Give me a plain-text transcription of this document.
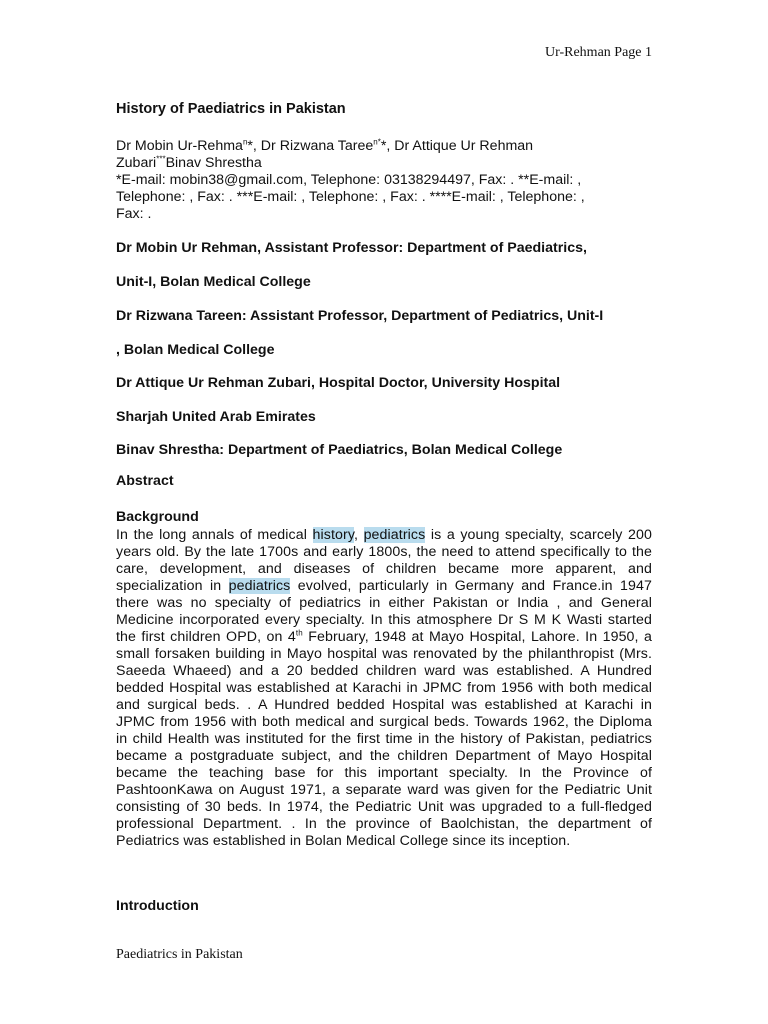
Ur-Rehman Page 1
History of Paediatrics in Pakistan
Dr Mobin Ur-Rehma$^n$*, Dr Rizwana Taree$^{n*}$*, Dr Attique Ur Rehman
Zubari***Binav Shrestha
*E-mail: mobin38@gmail.com, Telephone: 03138294497, Fax: . **E-mail: ,
Telephone: , Fax: . ***E-mail: , Telephone: , Fax: . ****E-mail: , Telephone: ,
Fax: .
Dr Mobin Ur Rehman, Assistant Professor: Department of Paediatrics,
Unit-I, Bolan Medical College
Dr Rizwana Tareen: Assistant Professor, Department of Pediatrics, Unit-I
, Bolan Medical College
Dr Attique Ur Rehman Zubari, Hospital Doctor, University Hospital
Sharjah United Arab Emirates
Binav Shrestha: Department of Paediatrics, Bolan Medical College
Abstract
Background
In the long annals of medical history, pediatrics is a young specialty, scarcely 200 years old. By the late 1700s and early 1800s, the need to attend specifically to the care, development, and diseases of children became more apparent, and specialization in pediatrics evolved, particularly in Germany and France.in 1947 there was no specialty of pediatrics in either Pakistan or India , and General Medicine incorporated every specialty. In this atmosphere Dr S M K Wasti started the first children OPD, on 4th February, 1948 at Mayo Hospital, Lahore. In 1950, a small forsaken building in Mayo hospital was renovated by the philanthropist (Mrs. Saeeda Whaeed) and a 20 bedded children ward was established. A Hundred bedded Hospital was established at Karachi in JPMC from 1956 with both medical and surgical beds. . A Hundred bedded Hospital was established at Karachi in JPMC from 1956 with both medical and surgical beds. Towards 1962, the Diploma in child Health was instituted for the first time in the history of Pakistan, pediatrics became a postgraduate subject, and the children Department of Mayo Hospital became the teaching base for this important specialty. In the Province of PashtoonKawa on August 1971, a separate ward was given for the Pediatric Unit consisting of 30 beds. In 1974, the Pediatric Unit was upgraded to a full-fledged professional Department. . In the province of Baolchistan, the department of Pediatrics was established in Bolan Medical College since its inception.
Introduction
Paediatrics in Pakistan
